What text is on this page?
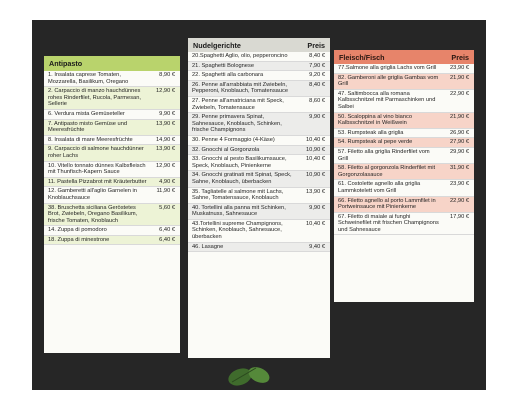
Antipasto
1. Insalata caprese Tomaten, Mozzarella, Basilikum, Oregano
8,90 €
2. Carpaccio di manzo hauchdünnes rohes Rinderfilet, Rucola, Parmesan, Sellerie
12,90 €
6. Verdura mista Gemüseteller	9,90 €
7. Antipasto misto Gemüse und Meeresfrüchte
13,90 €
8. Insalata di mare Meeresfrüchte	14,90 €
9. Carpaccio di salmone hauchdünner roher Lachs
13,90 €
10. Vitello tonnato dünnes Kalbsfleisch mit Thunfisch-Kapern Sauce
12,90 €
11. Pastella Pizzabrot mit Kräuterbutter	4,90 €
12. Gamberetti all'aglio Garnelen in Knoblauchsauce
11,90 €
38. Bruschetta siciliana Geröstetes Brot, Zwiebeln, Oregano Basilikum, frische Tomaten, Knoblauch
5,60 €
14. Zuppa di pomodoro	6,40 €
18. Zuppa di minestrone	6,40 €
Nudelgerichte	Preis
20.Spaghetti Aglio, olio, pepperoncino	8,40 €
21. Spaghetti Bolognese	7,90 €
22. Spaghetti alla carbonara	9,20 €
26. Penne all'arrabbiata mit Zwiebeln, Pepperoni, Knoblauch, Tomatensauce
8,40 €
27. Penne all'amatriciana mit Speck, Zwiebeln, Tomatensauce
8,60 €
29. Penne primavera Spinat, Sahnesauce, Knoblauch, Schinken, frische Champignons
9,90 €
30. Penne 4 Formaggio (4-Käse)	10,40 €
32. Gnocchi al Gorgonzola	10,90 €
33. Gnocchi al pesto Basilikumsauce, Speck, Knoblauch, Pinienkerne
10,40 €
34. Gnocchi gratinati mit Spinat, Speck, Sahne, Knoblauch, überbacken
10,90 €
35. Tagliatelle al salmone mit Lachs, Sahne, Tomatensauce, Knoblauch
13,90 €
40. Tortellini alla panna mit Schinken, Muskatnuss, Sahnesauce
9,90 €
43.Tortellini supreme Champignons, Schinken, Knoblauch, Sahnesauce, überbacken
10,40 €
46. Lasagne	9,40 €
Fleisch/Fisch	Preis
77.Salmone alla griglia Lachs vom Grill	23,90 €
82. Gamberoni alle griglia Gambas vom Grill
21,90 €
47. Saltimbocca alla romana Kalbsschnitzel mit Parmaschinken und Salbei
22,90 €
50. Scaloppina al vino bianco Kalbsschnitzel in Weißwein
21,90 €
53. Rumpsteak alla griglia	26,90 €
54. Rumpsteak al pepe verde	27,90 €
57. Filetto alla griglia Rinderfilet vom Grill
29,90 €
58. Filetto al gorgonzola Rinderfilet mit Gorgonzolasauce
31,90 €
61. Costolette agnello alla griglia Lammkotelett vom Grill
23,90 €
66. Filetto agnello al porto Lammfilet in Portweinsauce mit Pinienkerne
22,90 €
67. Filetto di maiale ai funghi Schweinefilet mit frischen Champignons und Sahnesauce
17,90 €
